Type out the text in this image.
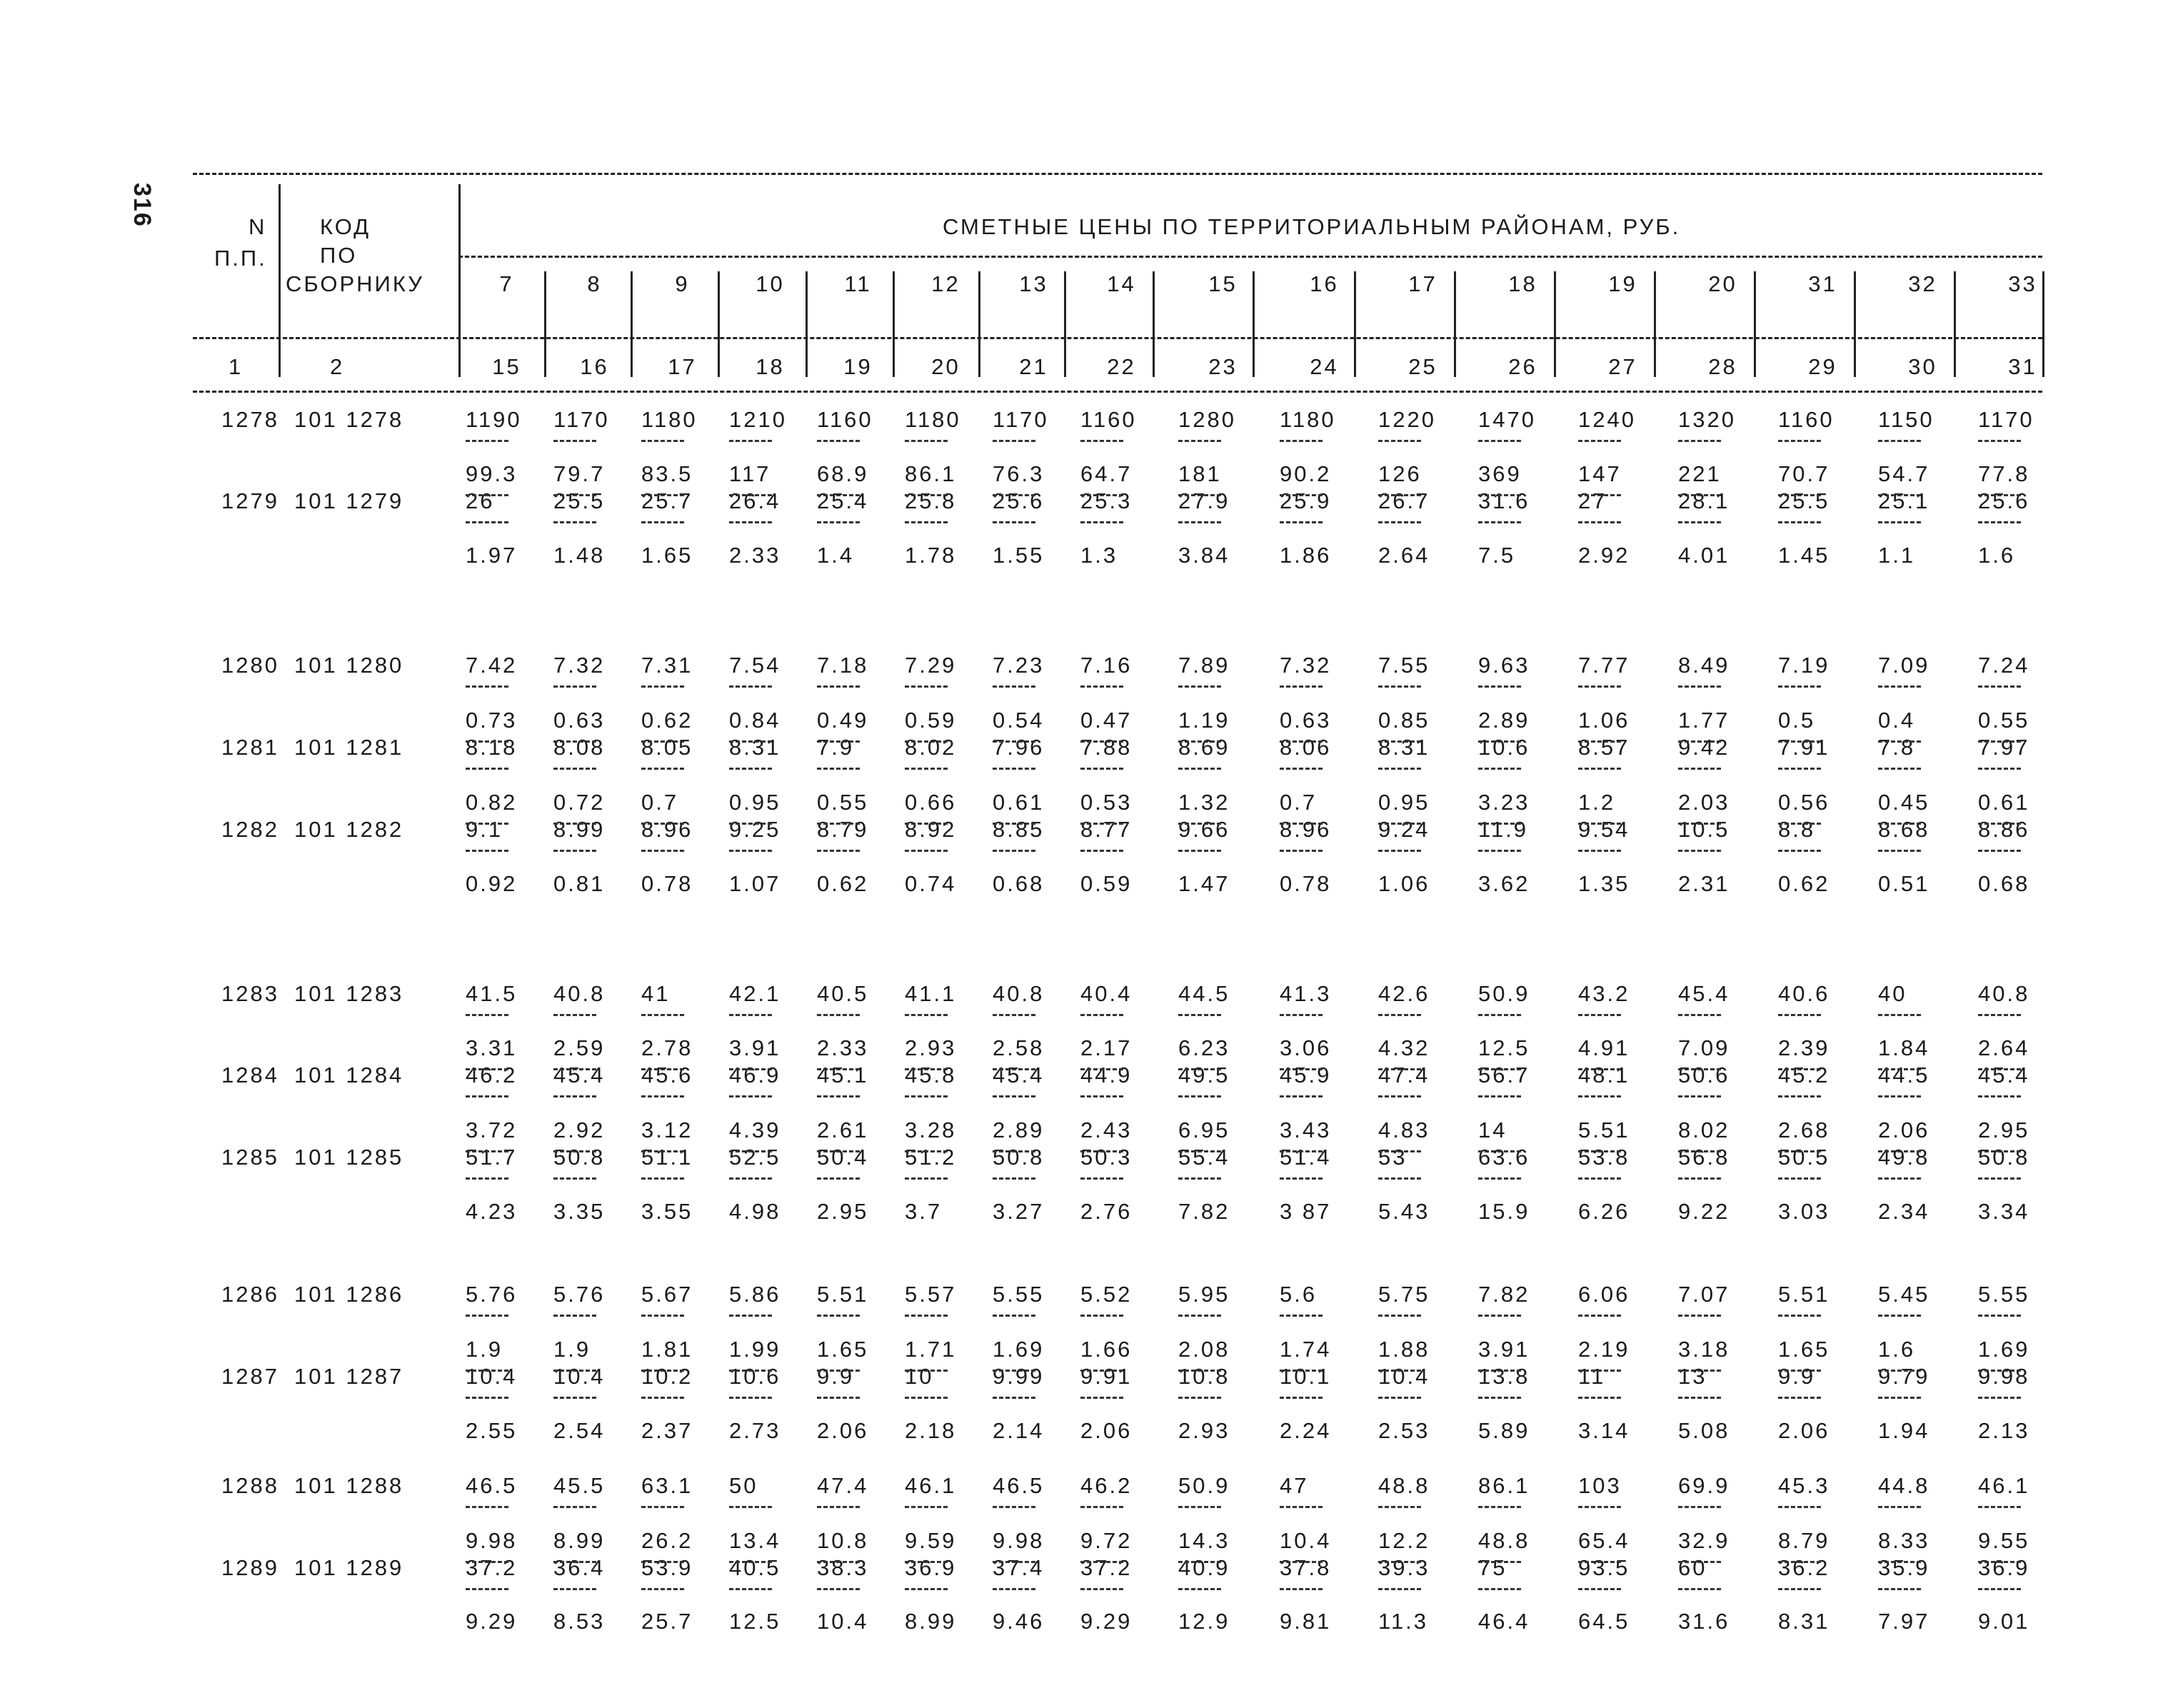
316	N
П.П.
КОД
ПО
СБОРНИКУ
СМЕТНЫЕ ЦЕНЫ ПО ТЕРРИТОРИАЛЬНЫМ РАЙОНАМ, РУБ.
7	8	9	10	11	12	13	14	15	16	17	18	19	20	31	32	33
1	2	15	16	17	18	19	20	21	22	23	24	25	26	27	28	29	30	31
1278 101 1278	1190	1170	1180	1210	1160	1180	1170	1160	1280	1180	1220	1470	1240	1320	1160	1150	1170
99.3	79.7	83.5	117	68.9	86.1	76.3	64.7	181	90.2	126	369	147	221	70.7	54.7	77.8
1279 101 1279	26	25.5	25.7	26.4	25.4	25.8	25.6	25.3	27.9	25.9	26.7	31.6	27	28.1	25.5	25.1	25.6
1.97	1.48	1.65	2.33	1.4	1.78	1.55	1.3	3.84	1.86	2.64	7.5	2.92	4.01	1.45	1.1	1.6
1280 101 1280	7.42	7.32	7.31	7.54	7.18	7.29	7.23	7.16	7.89	7.32	7.55	9.63	7.77	8.49	7.19	7.09	7.24
0.73	0.63	0.62	0.84	0.49	0.59	0.54	0.47	1.19	0.63	0.85	2.89	1.06	1.77	0.5	0.4	0.55
1281 101 1281	8.18	8.08	8.05	8.31	7.9	8.02	7.96	7.88	8.69	8.06	8.31	10.6	8.57	9.42	7.91	7.8	7.97
0.82	0.72	0.7	0.95	0.55	0.66	0.61	0.53	1.32	0.7	0.95	3.23	1.2	2.03	0.56	0.45	0.61
1282 101 1282	9.1	8.99	8.96	9.25	8.79	8.92	8.85	8.77	9.66	8.96	9.24	11.9	9.54	10.5	8.8	8.68	8.86
0.92	0.81	0.78	1.07	0.62	0.74	0.68	0.59	1.47	0.78	1.06	3.62	1.35	2.31	0.62	0.51	0.68
1283 101 1283	41.5	40.8	41	42.1	40.5	41.1	40.8	40.4	44.5	41.3	42.6	50.9	43.2	45.4	40.6	40	40.8
3.31	2.59	2.78	3.91	2.33	2.93	2.58	2.17	6.23	3.06	4.32	12.5	4.91	7.09	2.39	1.84	2.64
1284 101 1284	46.2	45.4	45.6	46.9	45.1	45.8	45.4	44.9	49.5	45.9	47.4	56.7	48.1	50.6	45.2	44.5	45.4
3.72	2.92	3.12	4.39	2.61	3.28	2.89	2.43	6.95	3.43	4.83	14	5.51	8.02	2.68	2.06	2.95
1285 101 1285	51.7	50.8	51.1	52.5	50.4	51.2	50.8	50.3	55.4	51.4	53	63.6	53.8	56.8	50.5	49.8	50.8
4.23	3.35	3.55	4.98	2.95	3.7	3.27	2.76	7.82	3 87	5.43	15.9	6.26	9.22	3.03	2.34	3.34
1286 101 1286	5.76	5.76	5.67	5.86	5.51	5.57	5.55	5.52	5.95	5.6	5.75	7.82	6.06	7.07	5.51	5.45	5.55
1.9	1.9	1.81	1.99	1.65	1.71	1.69	1.66	2.08	1.74	1.88	3.91	2.19	3.18	1.65	1.6	1.69
1287 101 1287	10.4	10.4	10.2	10.6	9.9	10	9.99	9.91	10.8	10.1	10.4	13.8	11	13	9.9	9.79	9.98
2.55	2.54	2.37	2.73	2.06	2.18	2.14	2.06	2.93	2.24	2.53	5.89	3.14	5.08	2.06	1.94	2.13
1288 101 1288	46.5	45.5	63.1	50	47.4	46.1	46.5	46.2	50.9	47	48.8	86.1	103	69.9	45.3	44.8	46.1
9.98	8.99	26.2	13.4	10.8	9.59	9.98	9.72	14.3	10.4	12.2	48.8	65.4	32.9	8.79	8.33	9.55
1289 101 1289	37.2	36.4	53.9	40.5	38.3	36.9	37.4	37.2	40.9	37.8	39.3	75	93.5	60	36.2	35.9	36.9
9.29	8.53	25.7	12.5	10.4	8.99	9.46	9.29	12.9	9.81	11.3	46.4	64.5	31.6	8.31	7.97	9.01
